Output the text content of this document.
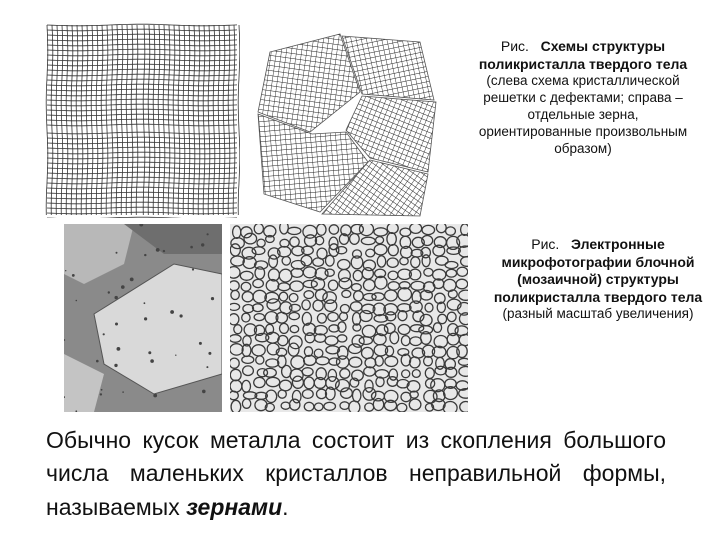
Рис. Схемы структуры поликристалла твердого тела
(слева схема кристаллической решетки с дефектами; справа – отдельные зерна, ориентированные произвольным образом)
Рис. Электронные микрофотографии блочной (мозаичной) структуры поликристалла твердого тела
(разный масштаб увеличения)
Обычно кусок металла состоит из скопления большого числа маленьких кристаллов неправильной формы, называемых зернами.
